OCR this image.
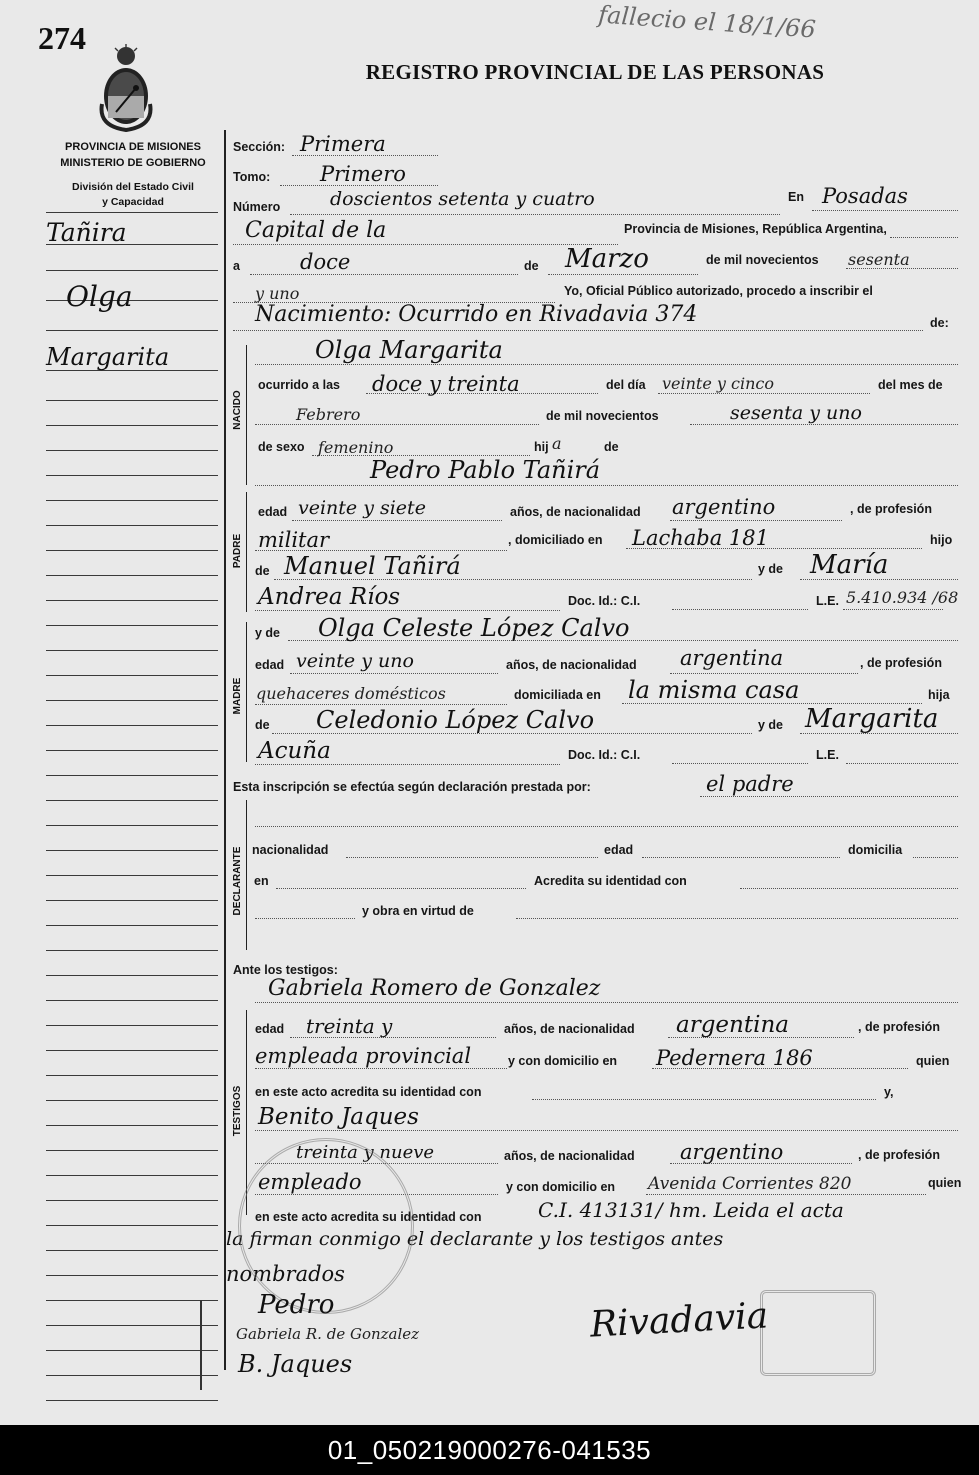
274	fallecio el 18/1/66
REGISTRO PROVINCIAL DE LAS PERSONAS
PROVINCIA DE MISIONES
MINISTERIO DE GOBIERNO
División del Estado Civil
y Capacidad
Tañira
Olga
Margarita
NACIDO
PADRE
MADRE
DECLARANTE
TESTIGOS
Sección: Primera
Tomo: Primero
Número	doscientos setenta y cuatro	En Posadas
Capital de la	Provincia de Misiones, República Argentina,
a	doce	de Marzo	de mil novecientos sesenta
y uno	Yo, Oficial Público autorizado, procedo a inscribir el
Nacimiento: Ocurrido en Rivadavia 374	de:
Olga Margarita
ocurrido a las doce y treinta	del día veinte y cinco	del mes de
Febrero	de mil novecientos	sesenta y uno
de sexo femenino	hij a	de
Pedro Pablo Tañirá
edad veinte y siete	años, de nacionalidad argentino	, de profesión
militar	, domiciliado en Lachaba 181	hijo
de Manuel Tañirá	y de María
Andrea Ríos	Doc. Id.: C.I.	L.E. 5.410.934 /68
y de Olga Celeste López Calvo
edad veinte y uno	años, de nacionalidad argentina	, de profesión
quehaceres domésticos	domiciliada en la misma casa	hija
de Celedonio López Calvo	y de Margarita
Acuña	Doc. Id.: C.I.	L.E.
Esta inscripción se efectúa según declaración prestada por:	el padre
nacionalidad	edad	domicilia
en	Acredita su identidad con
y obra en virtud de
Ante los testigos:
Gabriela Romero de Gonzalez
edad treinta y	años, de nacionalidad argentina	, de profesión
empleada provincial	y con domicilio en Pedernera 186	quien
en este acto acredita su identidad con	y,
Benito Jaques
treinta y nueve	años, de nacionalidad argentino	, de profesión
empleado	y con domicilio en Avenida Corrientes 820	quien
en este acto acredita su identidad con	C.I. 413131/ hm. Leida el acta
la firman conmigo el declarante y los testigos antes
nombrados
Pedro
Gabriela R. de Gonzalez
B. Jaques
Rivadavia
01_050219000276-041535
